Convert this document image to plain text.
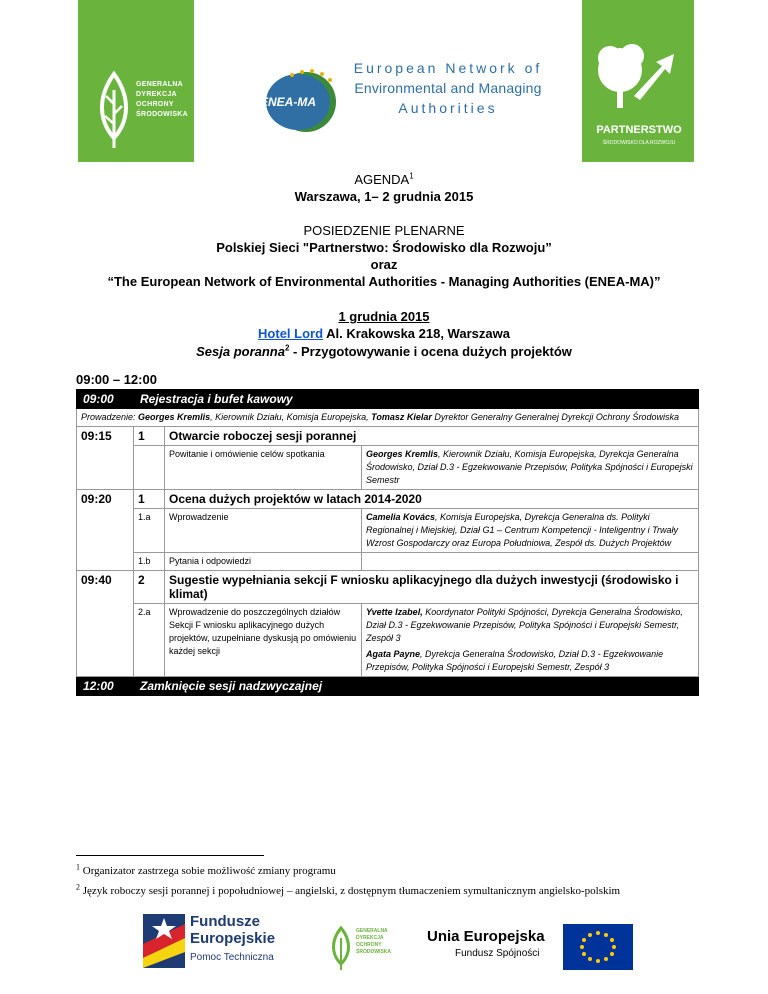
GENERALNA
DYREKCJA
OCHRONY
ŚRODOWISKA
ENEA-MA
European Network of
Environmental and Managing
Authorities
PARTNERSTWO
ŚRODOWISKO DLA ROZWOJU
AGENDA$^1$
Warszawa, 1– 2 grudnia 2015
POSIEDZENIE PLENARNE
Polskiej Sieci "Partnerstwo: Środowisko dla Rozwoju”
oraz
“The European Network of Environmental Authorities - Managing Authorities (ENEA-MA)”
1 grudnia 2015
Hotel Lord Al. Krakowska 218, Warszawa
Sesja poranna$^2$ - Przygotowywanie i ocena dużych projektów
09:00 – 12:00
09:00	Rejestracja i bufet kawowy		
Prowadzenie: Georges Kremlis, Kierownik Działu, Komisja Europejska, Tomasz Kielar Dyrektor Generalny Generalnej Dyrekcji Ochrony Środowiska			
09:15	1	Otwarcie roboczej sesji porannej	
		Powitanie i omówienie celów spotkania	Georges Kremlis, Kierownik Działu, Komisja Europejska, Dyrekcja Generalna Środowisko, Dział D.3 - Egzekwowanie Przepisów, Polityka Spójności i Europejski Semestr
09:20	1	Ocena dużych projektów w latach 2014-2020	
	1.a	Wprowadzenie	Camelia Kovács, Komisja Europejska, Dyrekcja Generalna ds. Polityki Regionalnej i Miejskiej, Dział G1 – Centrum Kompetencji - Inteligentny i Trwały Wzrost Gospodarczy oraz Europa Południowa, Zespół ds. Dużych Projektów
	1.b	Pytania i odpowiedzi	
09:40	2	Sugestie wypełniania sekcji F wniosku aplikacyjnego dla dużych inwestycji (środowisko i klimat)	
	2.a	Wprowadzenie do poszczególnych działów Sekcji F wniosku aplikacyjnego dużych projektów, uzupełniane dyskusją po omówieniu każdej sekcji	Yvette Izabel, Koordynator Polityki Spójności, Dyrekcja Generalna Środowisko, Dział D.3 - Egzekwowanie Przepisów, Polityka Spójności i Europejski Semestr, Zespół 3
Agata Payne, Dyrekcja Generalna Środowisko, Dział D.3 - Egzekwowanie Przepisów, Polityka Spójności i Europejski Semestr, Zespół 3

12:00	Zamknięcie sesji nadzwyczajnej		
$^1$ Organizator zastrzega sobie możliwość zmiany programu
$^2$ Język roboczy sesji porannej i popołudniowej – angielski, z dostępnym tłumaczeniem symultanicznym angielsko-polskim
Fundusze
Europejskie
Pomoc Techniczna
GENERALNA
DYREKCJA
OCHRONY
ŚRODOWISKA
Unia Europejska
Fundusz Spójności
